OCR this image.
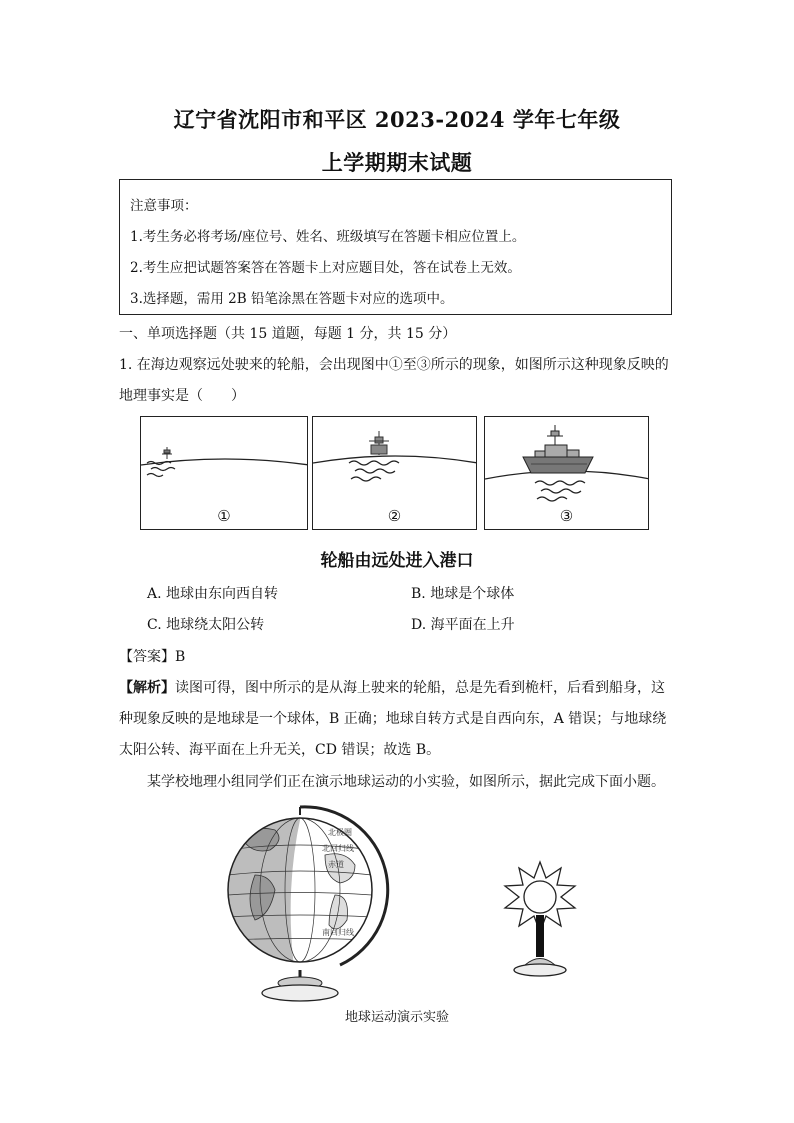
辽宁省沈阳市和平区 2023-2024 学年七年级
上学期期末试题
注意事项：
1.考生务必将考场/座位号、姓名、班级填写在答题卡相应位置上。
2.考生应把试题答案答在答题卡上对应题目处，答在试卷上无效。
3.选择题，需用 2B 铅笔涂黑在答题卡对应的选项中。
一、单项选择题（共 15 道题，每题 1 分，共 15 分）
1. 在海边观察远处驶来的轮船，会出现图中①至③所示的现象，如图所示这种现象反映的
地理事实是（　　）
①	②	③
轮船由远处进入港口
A. 地球由东向西自转	B. 地球是个球体
C. 地球绕太阳公转	D. 海平面在上升
【答案】B
【解析】读图可得，图中所示的是从海上驶来的轮船，总是先看到桅杆，后看到船身，这
种现象反映的是地球是一个球体，B 正确；地球自转方式是自西向东，A 错误；与地球绕
太阳公转、海平面在上升无关，CD 错误；故选 B。
某学校地理小组同学们正在演示地球运动的小实验，如图所示，据此完成下面小题。
北极圈
北回归线
赤道
南回归线
地球运动演示实验
